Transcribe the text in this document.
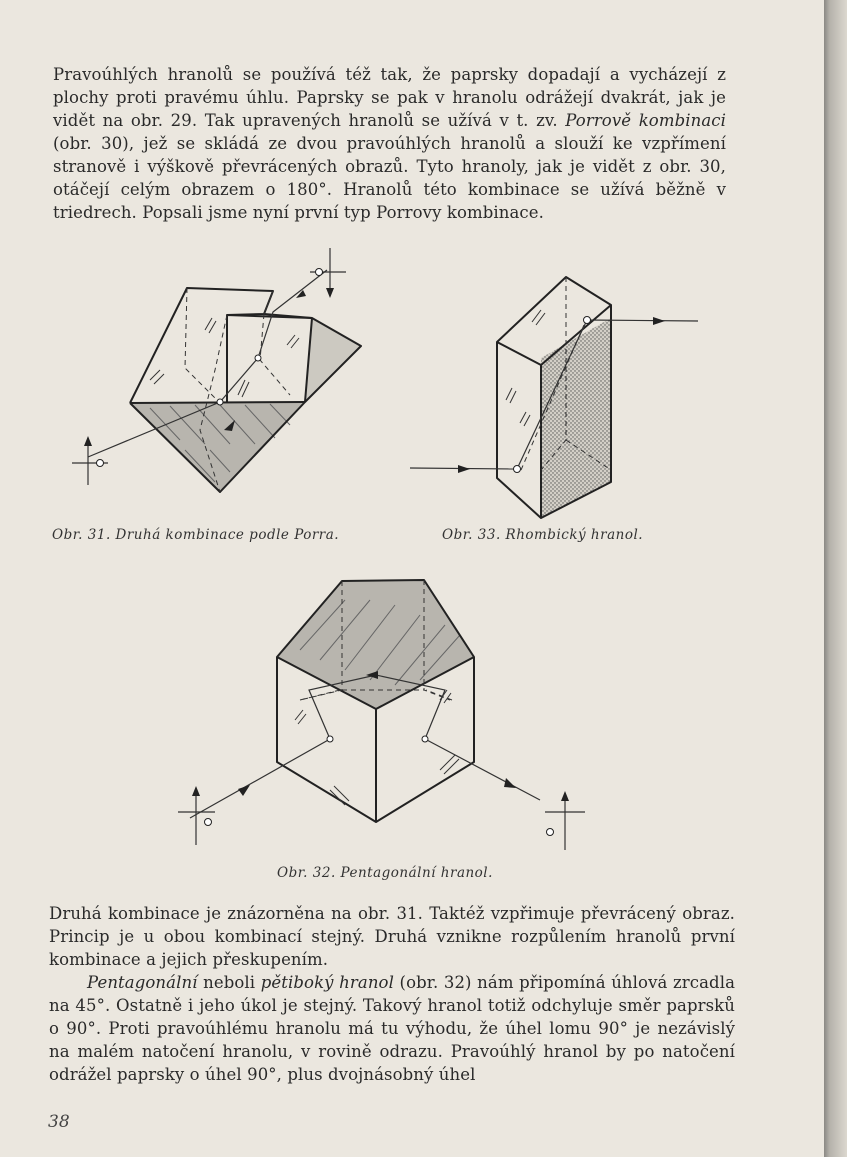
Pravoúhlých hranolů se používá též tak, že paprsky dopadají a vycházejí z plochy proti pravému úhlu. Paprsky se pak v hranolu odrážejí dvakrát, jak je vidět na obr. 29. Tak upravených hranolů se užívá v t. zv. Porrově kombinaci (obr. 30), jež se skládá ze dvou pravoúhlých hranolů a slouží ke vzpřímení stranově i výškově převrácených obrazů. Tyto hranoly, jak je vidět z obr. 30, otáčejí celým obrazem o 180°. Hranolů této kombinace se užívá běžně v triedrech. Popsali jsme nyní první typ Porrovy kombinace.

Obr. 31. Druhá kombinace podle Porra.	Obr. 33. Rhombický hranol.
Obr. 32. Pentagonální hranol.

Druhá kombinace je znázorněna na obr. 31. Taktéž vzpřimuje převrácený obraz. Princip je u obou kombinací stejný. Druhá vznikne rozpůlením hranolů první kombinace a jejich přeskupením.

Pentagonální neboli pětiboký hranol (obr. 32) nám připomíná úhlová zrcadla na 45°. Ostatně i jeho úkol je stejný. Takový hranol totiž odchyluje směr paprsků o 90°. Proti pravoúhlému hranolu má tu výhodu, že úhel lomu 90° je nezávislý na malém natočení hranolu, v rovině odrazu. Pravoúhlý hranol by po natočení odrážel paprsky o úhel 90°, plus dvojnásobný úhel

38
